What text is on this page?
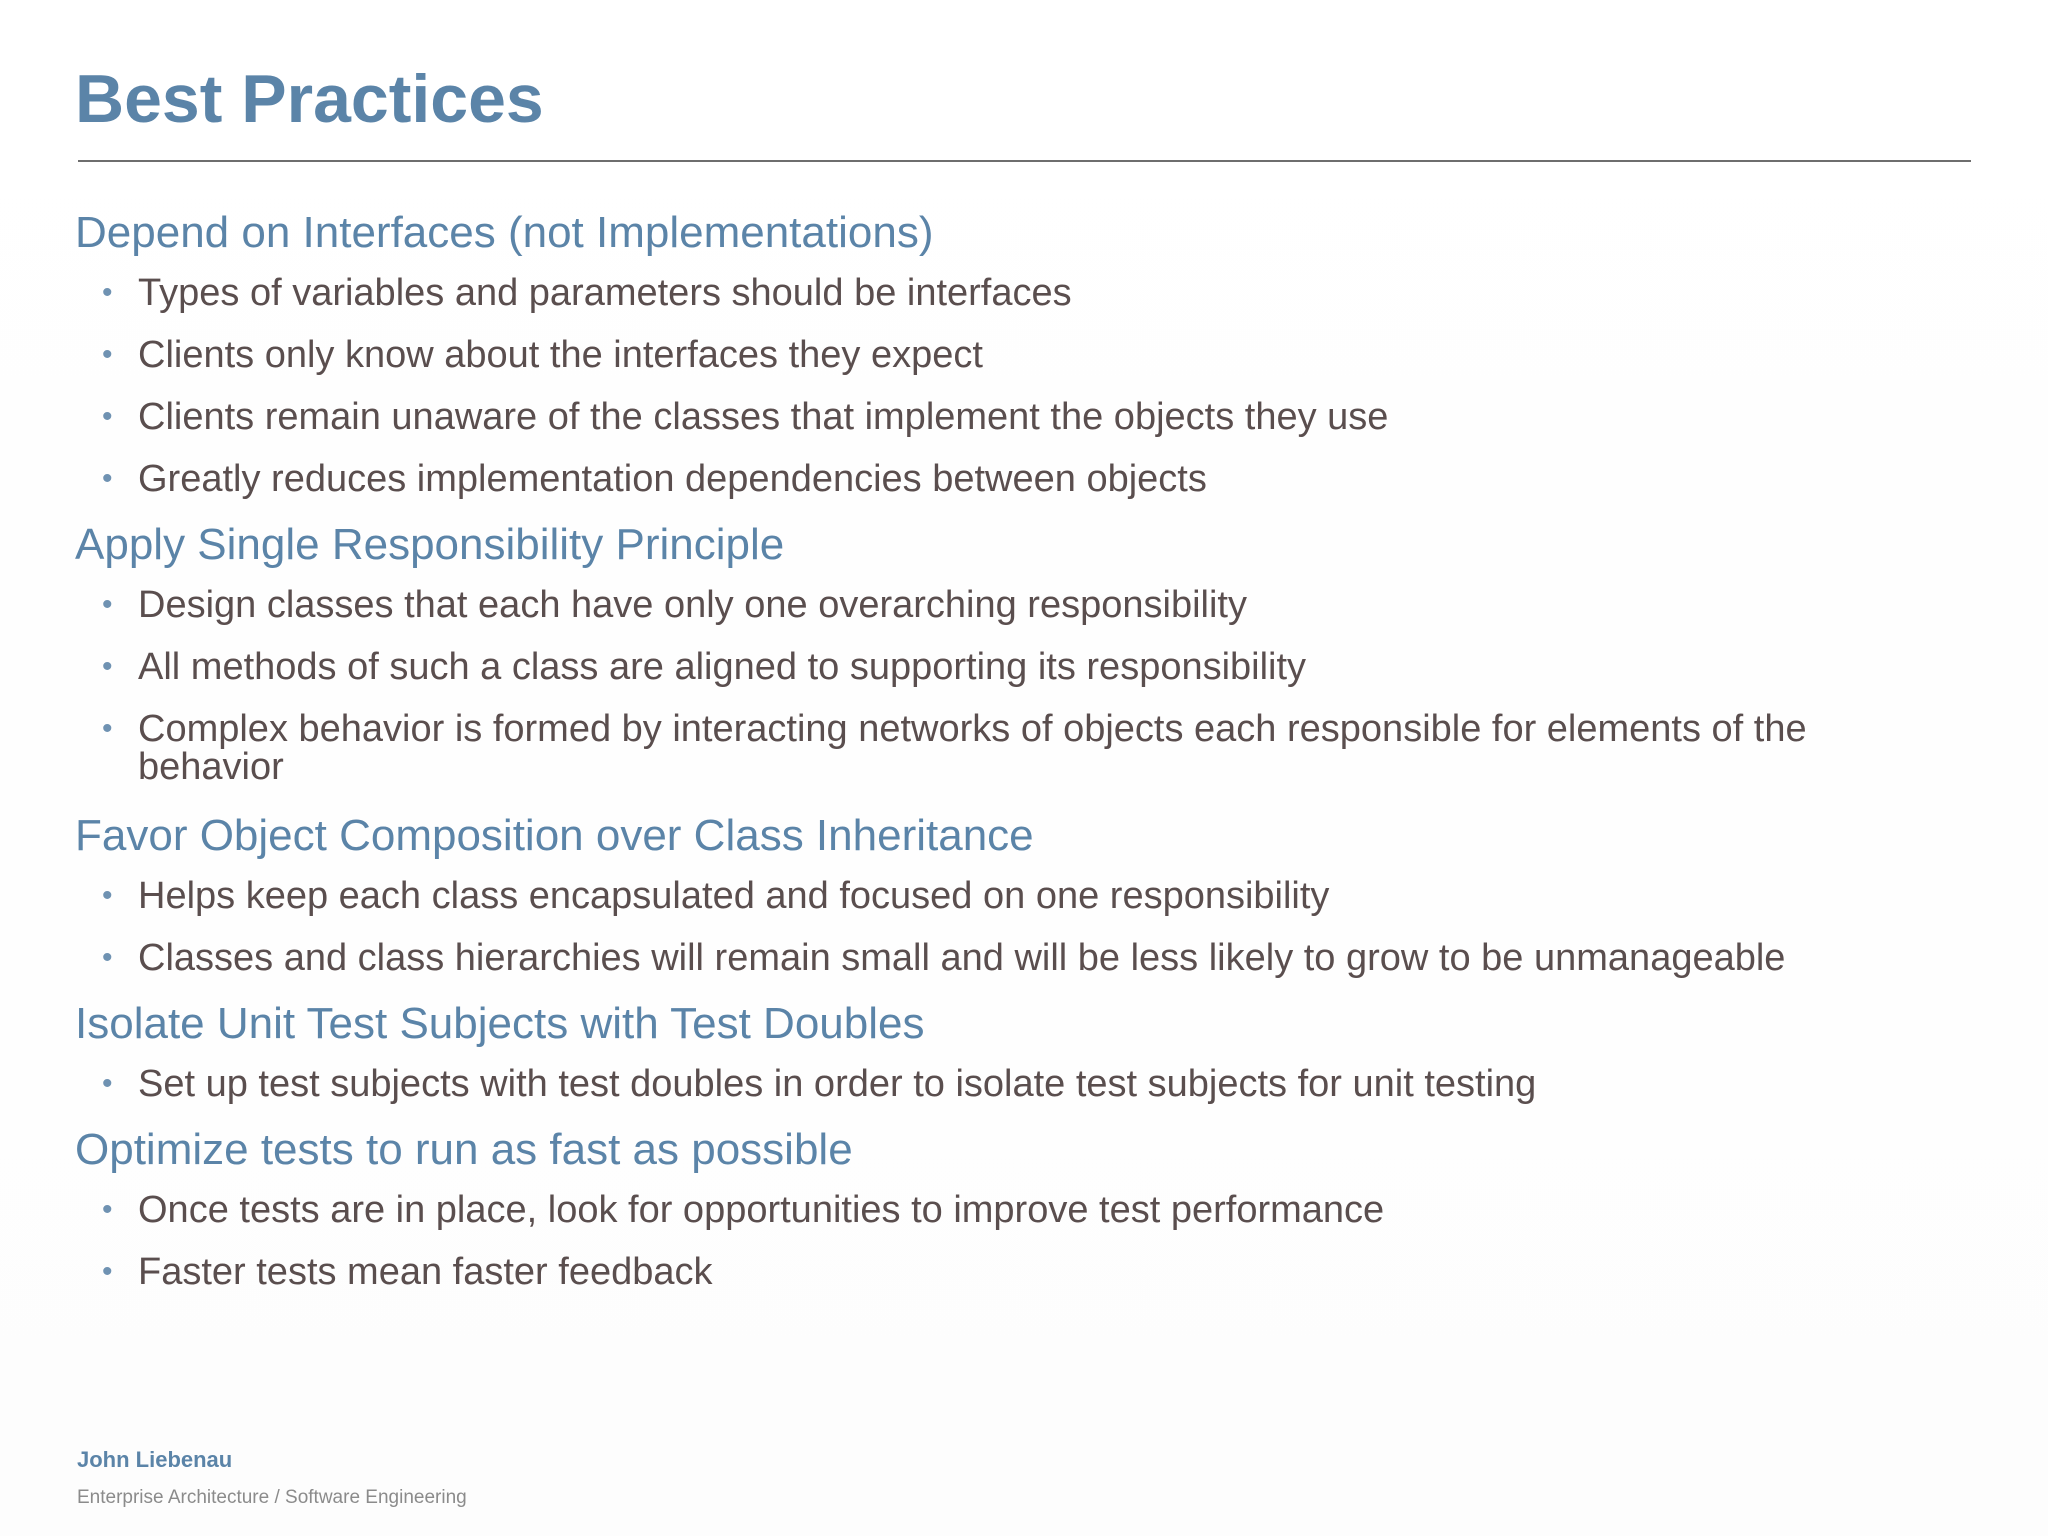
Best Practices
Depend on Interfaces (not Implementations)
• Types of variables and parameters should be interfaces
• Clients only know about the interfaces they expect
• Clients remain unaware of the classes that implement the objects they use
• Greatly reduces implementation dependencies between objects
Apply Single Responsibility Principle
• Design classes that each have only one overarching responsibility
• All methods of such a class are aligned to supporting its responsibility
• Complex behavior is formed by interacting networks of objects each responsible for elements of the behavior
Favor Object Composition over Class Inheritance
• Helps keep each class encapsulated and focused on one responsibility
• Classes and class hierarchies will remain small and will be less likely to grow to be unmanageable
Isolate Unit Test Subjects with Test Doubles
• Set up test subjects with test doubles in order to isolate test subjects for unit testing
Optimize tests to run as fast as possible
• Once tests are in place, look for opportunities to improve test performance
• Faster tests mean faster feedback
John Liebenau
Enterprise Architecture / Software Engineering
